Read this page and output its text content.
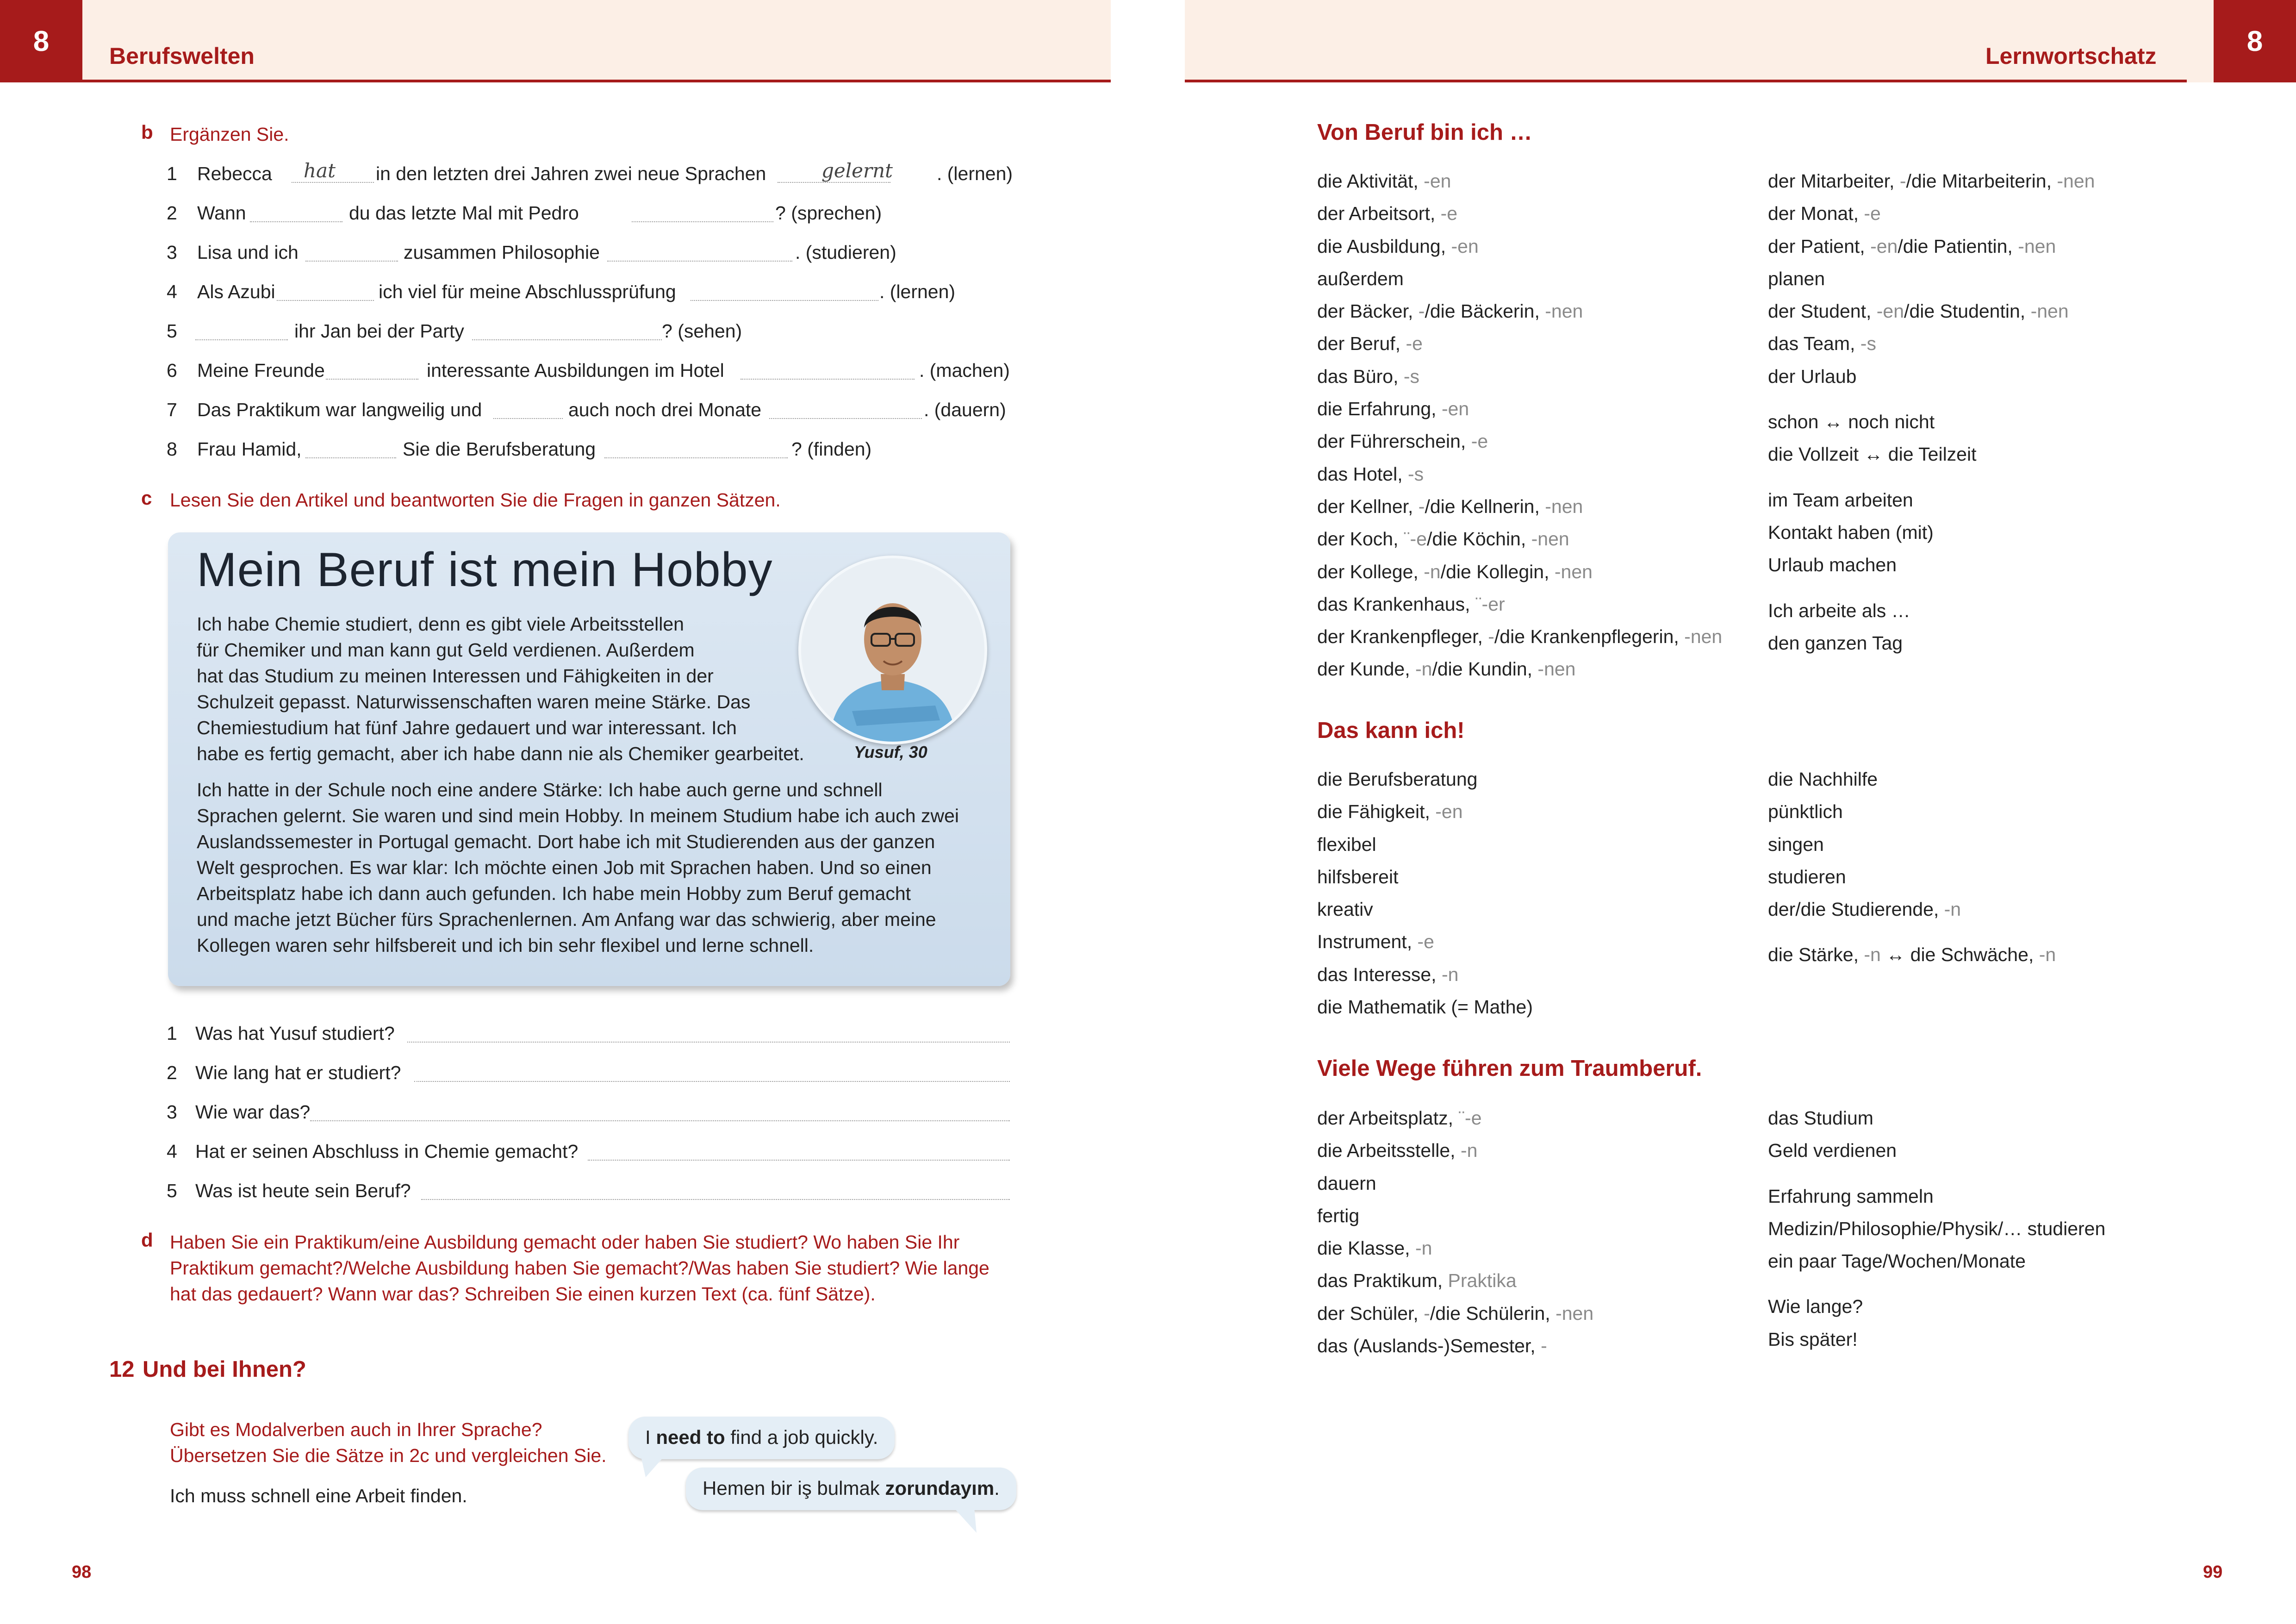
8	8
Berufswelten	Lernwortschatz
b Ergänzen Sie.
1	Rebecca hat in den letzten drei Jahren zwei neue Sprachen	gelernt . (lernen)
2	Wann	du das letzte Mal mit Pedro	? (sprechen)
3	Lisa und ich	zusammen Philosophie	. (studieren)
4	Als Azubi	ich viel für meine Abschlussprüfung	. (lernen)
5	ihr Jan bei der Party	? (sehen)
6	Meine Freunde	interessante Ausbildungen im Hotel	. (machen)
7	Das Praktikum war langweilig und	auch noch drei Monate	. (dauern)
8	Frau Hamid,	Sie die Berufsberatung	? (finden)
c Lesen Sie den Artikel und beantworten Sie die Fragen in ganzen Sätzen.
Mein Beruf ist mein Hobby
Ich habe Chemie studiert, denn es gibt viele Arbeitsstellen
für Chemiker und man kann gut Geld verdienen. Außerdem
hat das Studium zu meinen Interessen und Fähigkeiten in der
Schulzeit gepasst. Naturwissenschaften waren meine Stärke. Das
Chemiestudium hat fünf Jahre gedauert und war interessant. Ich
habe es fertig gemacht, aber ich habe dann nie als Chemiker gearbeitet.	Yusuf, 30
Ich hatte in der Schule noch eine andere Stärke: Ich habe auch gerne und schnell
Sprachen gelernt. Sie waren und sind mein Hobby. In meinem Studium habe ich auch zwei
Auslandssemester in Portugal gemacht. Dort habe ich mit Studierenden aus der ganzen
Welt gesprochen. Es war klar: Ich möchte einen Job mit Sprachen haben. Und so einen
Arbeitsplatz habe ich dann auch gefunden. Ich habe mein Hobby zum Beruf gemacht
und mache jetzt Bücher fürs Sprachenlernen. Am Anfang war das schwierig, aber meine
Kollegen waren sehr hilfsbereit und ich bin sehr flexibel und lerne schnell.
1 Was hat Yusuf studiert?
2 Wie lang hat er studiert?
3 Wie war das?
4 Hat er seinen Abschluss in Chemie gemacht?
5 Was ist heute sein Beruf?
d Haben Sie ein Praktikum/eine Ausbildung gemacht oder haben Sie studiert? Wo haben Sie Ihr
Praktikum gemacht?/Welche Ausbildung haben Sie gemacht?/Was haben Sie studiert? Wie lange
hat das gedauert? Wann war das? Schreiben Sie einen kurzen Text (ca. fünf Sätze).
12 Und bei Ihnen?
Gibt es Modalverben auch in Ihrer Sprache?
Übersetzen Sie die Sätze in 2c und vergleichen Sie.
Ich muss schnell eine Arbeit finden.
I need to find a job quickly.
Hemen bir iş bulmak zorundayım.
98	99
Von Beruf bin ich …
die Aktivität, -en
der Arbeitsort, -e
die Ausbildung, -en
außerdem
der Bäcker, -/die Bäckerin, -nen
der Beruf, -e
das Büro, -s
die Erfahrung, -en
der Führerschein, -e
das Hotel, -s
der Kellner, -/die Kellnerin, -nen
der Koch, ¨-e/die Köchin, -nen
der Kollege, -n/die Kollegin, -nen
das Krankenhaus, ¨-er
der Krankenpfleger, -/die Krankenpflegerin, -nen
der Kunde, -n/die Kundin, -nen
der Mitarbeiter, -/die Mitarbeiterin, -nen
der Monat, -e
der Patient, -en/die Patientin, -nen
planen
der Student, -en/die Studentin, -nen
das Team, -s
der Urlaub
schon ↔ noch nicht
die Vollzeit ↔ die Teilzeit
im Team arbeiten
Kontakt haben (mit)
Urlaub machen
Ich arbeite als …
den ganzen Tag
Das kann ich!
die Berufsberatung
die Fähigkeit, -en
flexibel
hilfsbereit
kreativ
Instrument, -e
das Interesse, -n
die Mathematik (= Mathe)
die Nachhilfe
pünktlich
singen
studieren
der/die Studierende, -n
die Stärke, -n ↔ die Schwäche, -n
Viele Wege führen zum Traumberuf.
der Arbeitsplatz, ¨-e
die Arbeitsstelle, -n
dauern
fertig
die Klasse, -n
das Praktikum, Praktika
der Schüler, -/die Schülerin, -nen
das (Auslands-)Semester, -
das Studium
Geld verdienen
Erfahrung sammeln
Medizin/Philosophie/Physik/… studieren
ein paar Tage/Wochen/Monate
Wie lange?
Bis später!
